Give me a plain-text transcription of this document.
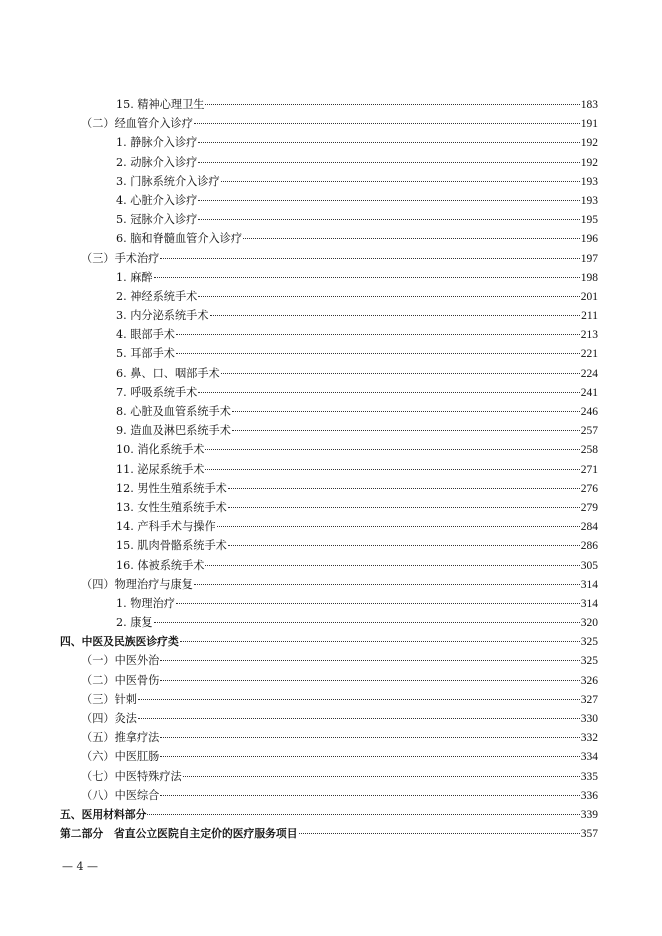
15. 精神心理卫生	183
（二）经血管介入诊疗	191
1. 静脉介入诊疗	192
2. 动脉介入诊疗	192
3. 门脉系统介入诊疗	193
4. 心脏介入诊疗	193
5. 冠脉介入诊疗	195
6. 脑和脊髓血管介入诊疗	196
（三）手术治疗	197
1. 麻醉	198
2. 神经系统手术	201
3. 内分泌系统手术	211
4. 眼部手术	213
5. 耳部手术	221
6. 鼻、口、咽部手术	224
7. 呼吸系统手术	241
8. 心脏及血管系统手术	246
9. 造血及淋巴系统手术	257
10. 消化系统手术	258
11. 泌尿系统手术	271
12. 男性生殖系统手术	276
13. 女性生殖系统手术	279
14. 产科手术与操作	284
15. 肌肉骨骼系统手术	286
16. 体被系统手术	305
（四）物理治疗与康复	314
1. 物理治疗	314
2. 康复	320
四、中医及民族医诊疗类	325
（一）中医外治	325
（二）中医骨伤	326
（三）针刺	327
（四）灸法	330
（五）推拿疗法	332
（六）中医肛肠	334
（七）中医特殊疗法	335
（八）中医综合	336
五、医用材料部分	339
第二部分　省直公立医院自主定价的医疗服务项目	357
— 4 —
